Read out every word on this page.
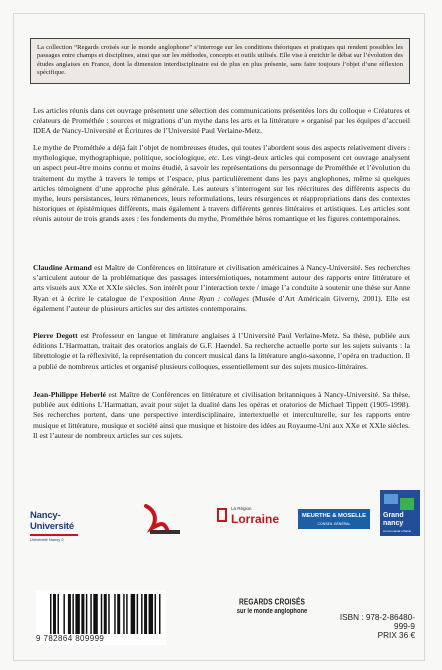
La collection “Regards croisés sur le monde anglophone” s’interroge sur les conditions théoriques et pratiques qui rendent possibles les passages entre champs et disciplines, ainsi que sur les méthodes, concepts et outils utilisés. Elle vise à enrichir le débat sur l’évolution des études anglaises en France, dont la dimension interdisciplinaire est de plus en plus présente, sans faire toujours l’objet d’une réflexion spécifique.

Les articles réunis dans cet ouvrage présentent une sélection des communications présentées lors du colloque « Créatures et créateurs de Prométhée : sources et migrations d’un mythe dans les arts et la littérature » organisé par les équipes d’accueil IDEA de Nancy-Université et Écritures de l’Université Paul Verlaine-Metz.

Le mythe de Prométhée a déjà fait l’objet de nombreuses études, qui toutes l’abordent sous des aspects relativement divers : mythologique, mythographique, politique, sociologique, etc. Les vingt-deux articles qui composent cet ouvrage analysent un aspect peut-être moins connu et moins étudié, à savoir les représentations du personnage de Prométhée et l’évolution du traitement du mythe à travers le temps et l’espace, plus particulièrement dans les pays anglophones, même si quelques articles témoignent d’une approche plus générale. Les auteurs s’interrogent sur les réécritures des différents aspects du mythe, leurs persistances, leurs rémanences, leurs reformulations, leurs résurgences et réappropriations dans des contextes historiques et épistémiques différents, mais également à travers différents genres littéraires et artistiques. Les articles sont réunis autour de trois grands axes : les fondements du mythe, Prométhée héros romantique et les figures contemporaines.

Claudine Armand est Maître de Conférences en littérature et civilisation américaines à Nancy-Université. Ses recherches s’articulent autour de la problématique des passages intersémiotiques, notamment autour des rapports entre littérature et arts visuels aux XXe et XXIe siècles. Son intérêt pour l’interaction texte / image l’a conduite à soutenir une thèse sur Anne Ryan et à écrire le catalogue de l’exposition Anne Ryan : collages (Musée d’Art Américain Giverny, 2001). Elle est également l’auteur de plusieurs articles sur des artistes contemporains.

Pierre Degott est Professeur en langue et littérature anglaises à l’Université Paul Verlaine-Metz. Sa thèse, publiée aux éditions L’Harmattan, traitait des oratorios anglais de G.F. Haendel. Sa recherche actuelle porte sur les sujets suivants : la librettologie et la réflexivité, la représentation du concert musical dans la littérature anglo-saxonne, l’opéra en traduction. Il a publié de nombreux articles et organisé plusieurs colloques, essentiellement sur des sujets musico-littéraires.

Jean-Philippe Heberlé est Maître de Conférences en littérature et civilisation britanniques à Nancy-Université. Sa thèse, publiée aux éditions L’Harmattan, avait pour sujet la dualité dans les opéras et oratorios de Michael Tippett (1905-1998). Ses recherches portent, dans une perspective interdisciplinaire, intertextuelle et interculturelle, sur les rapports entre musique et littérature, musique et société ainsi que musique et histoire des idées au Royaume-Uni aux XXe et XXIe siècles. Il est l’auteur de nombreux articles sur ces sujets.

Nancy-Université
Université Nancy 2
La Région
Lorraine	MEURTHE & MOSELLE
CONSEIL GÉNÉRAL
Grand
nancy
communauté urbaine
9 782864 809999
REGARDS CROISÉS
sur le monde anglophone
ISBN : 978-2-86480-999-9
PRIX 36 €
